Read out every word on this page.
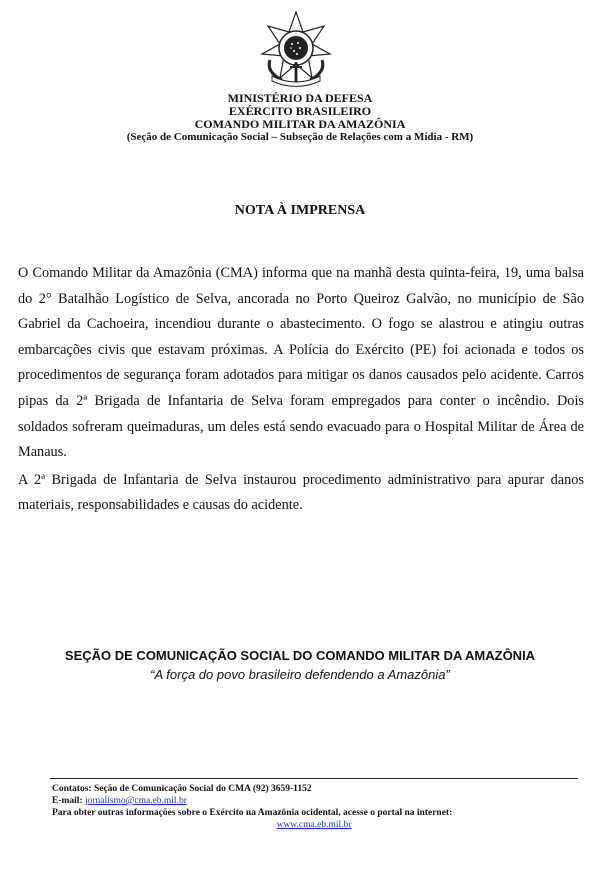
MINISTÉRIO DA DEFESA
EXÉRCITO BRASILEIRO
COMANDO MILITAR DA AMAZÔNIA
(Seção de Comunicação Social – Subseção de Relações com a Mídia - RM)
NOTA À IMPRENSA

O Comando Militar da Amazônia (CMA) informa que na manhã desta quinta-feira, 19, uma balsa do 2° Batalhão Logístico de Selva, ancorada no Porto Queiroz Galvão, no município de São Gabriel da Cachoeira, incendiou durante o abastecimento. O fogo se alastrou e atingiu outras embarcações civis que estavam próximas. A Polícia do Exército (PE) foi acionada e todos os procedimentos de segurança foram adotados para mitigar os danos causados pelo acidente. Carros pipas da 2ª Brigada de Infantaria de Selva foram empregados para conter o incêndio. Dois soldados sofreram queimaduras, um deles está sendo evacuado para o Hospital Militar de Área de Manaus.

A 2ª Brigada de Infantaria de Selva instaurou procedimento administrativo para apurar danos materiais, responsabilidades e causas do acidente.

SEÇÃO DE COMUNICAÇÃO SOCIAL DO COMANDO MILITAR DA AMAZÔNIA
“A força do povo brasileiro defendendo a Amazônia”
Contatos: Seção de Comunicação Social do CMA (92) 3659-1152
E-mail: jornalismo@cma.eb.mil.br
Para obter outras informações sobre o Exército na Amazônia ocidental, acesse o portal na internet:
www.cma.eb.mil.br
